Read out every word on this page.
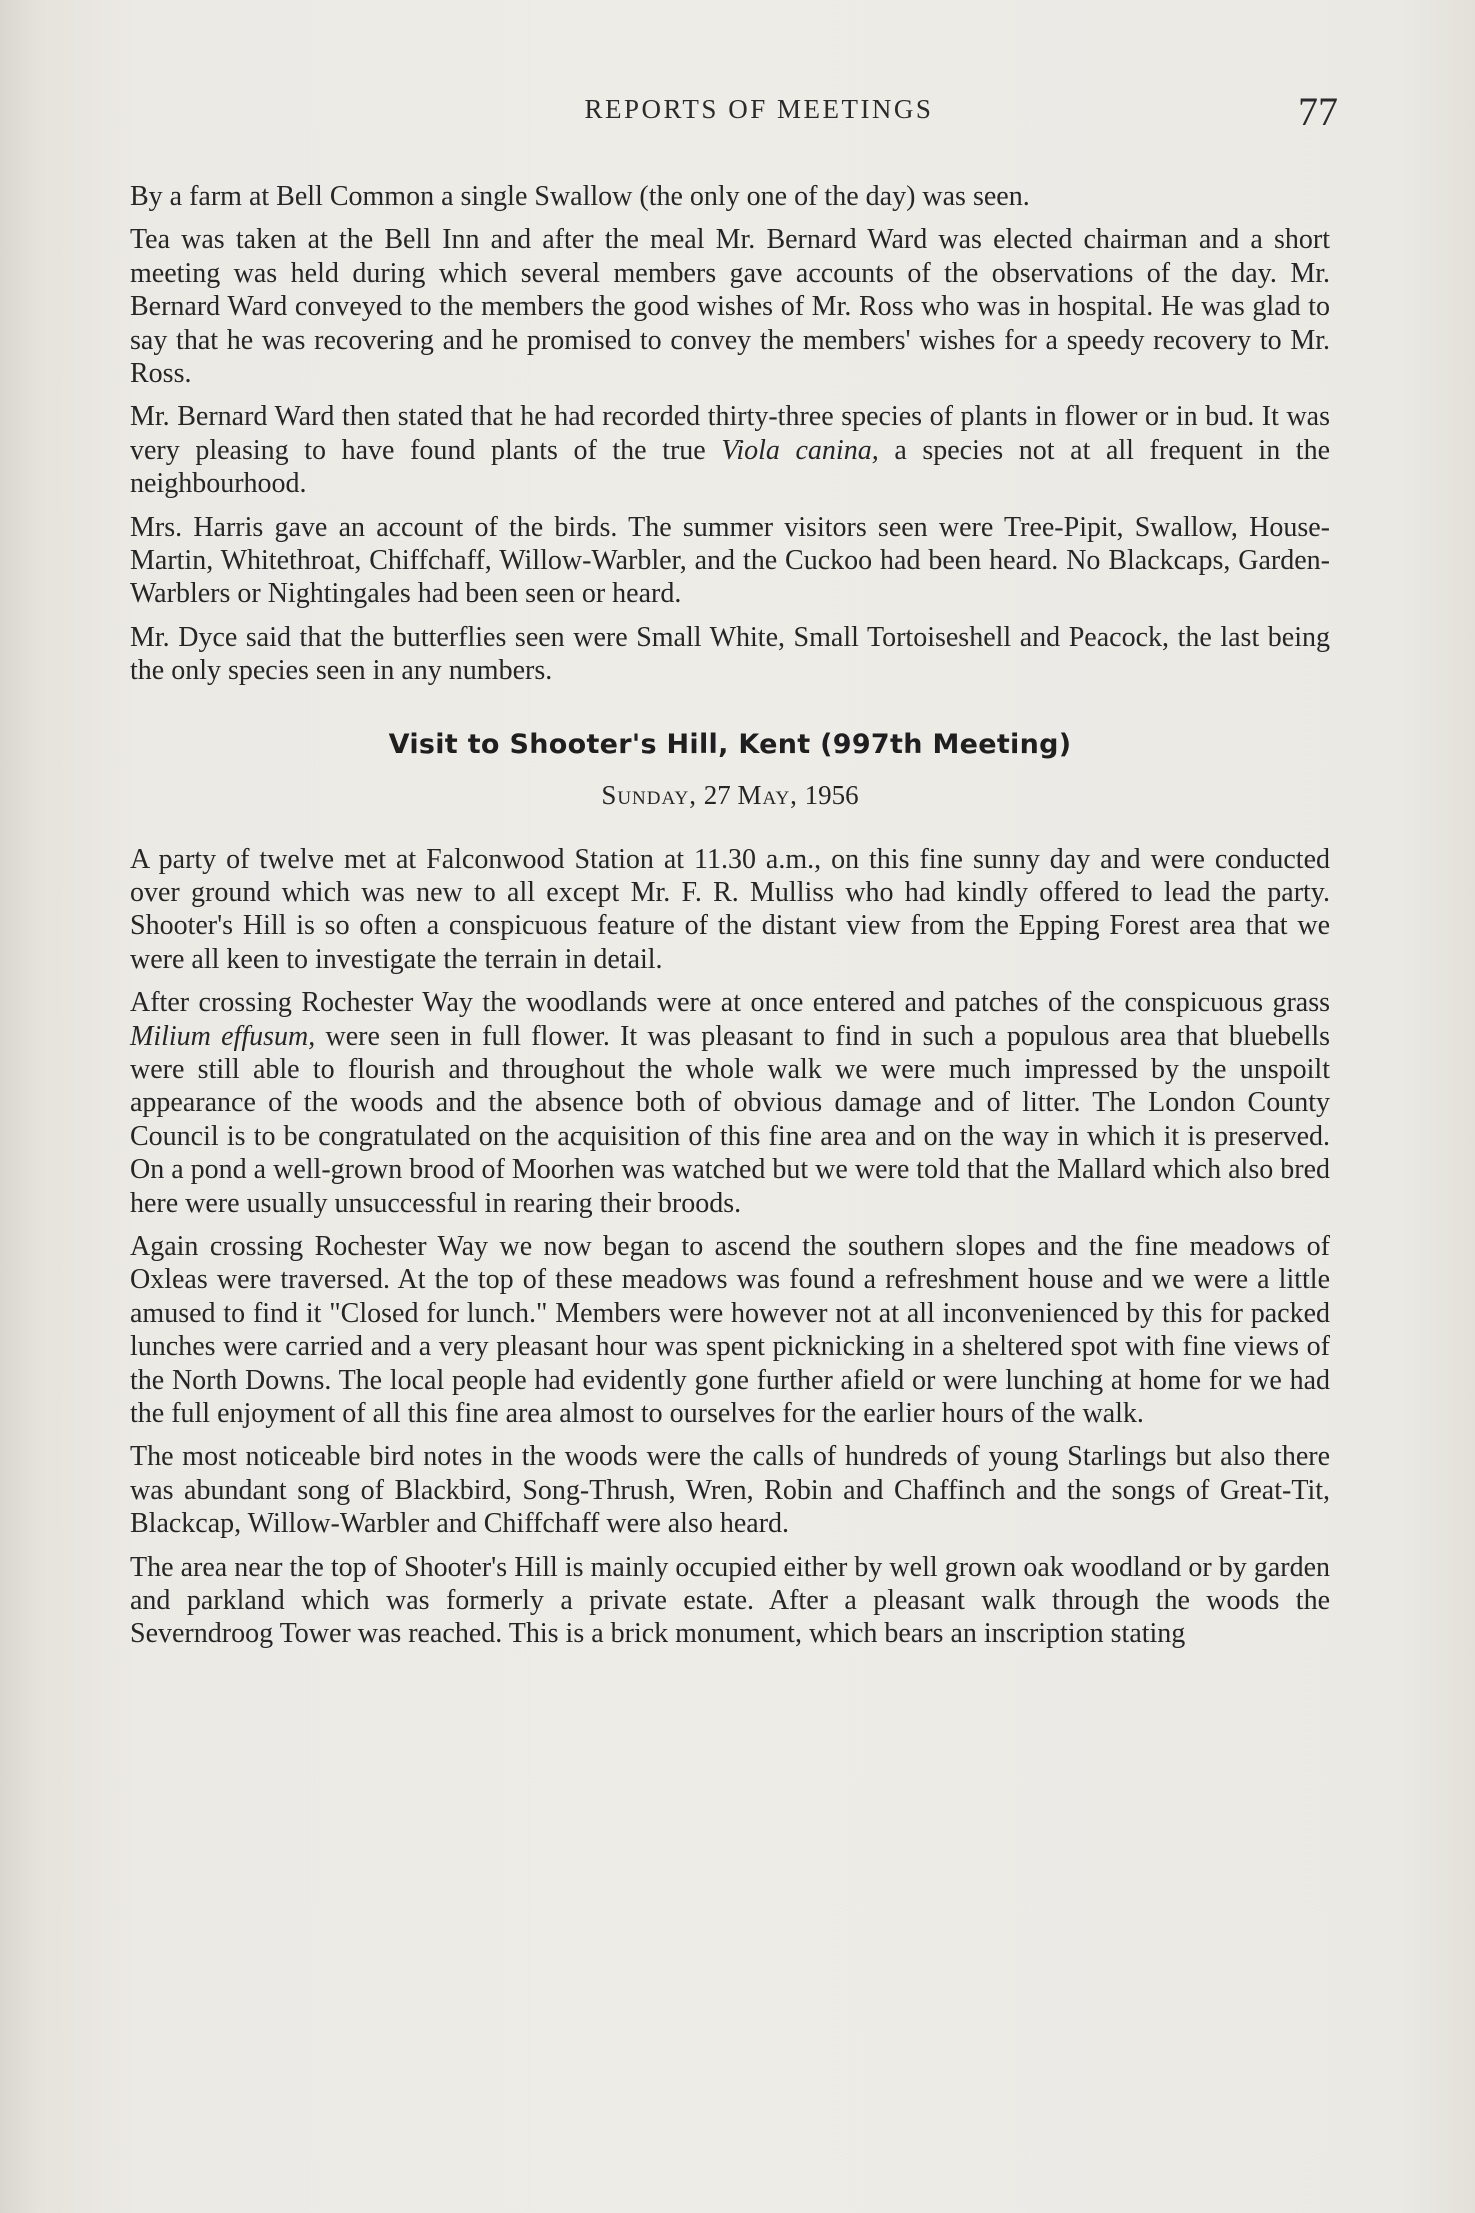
REPORTS OF MEETINGS	77

By a farm at Bell Common a single Swallow (the only one of the day) was seen.

Tea was taken at the Bell Inn and after the meal Mr. Bernard Ward was elected chairman and a short meeting was held during which several members gave accounts of the observations of the day. Mr. Bernard Ward conveyed to the members the good wishes of Mr. Ross who was in hospital. He was glad to say that he was recovering and he promised to convey the members' wishes for a speedy recovery to Mr. Ross.

Mr. Bernard Ward then stated that he had recorded thirty-three species of plants in flower or in bud. It was very pleasing to have found plants of the true Viola canina, a species not at all frequent in the neighbourhood.

Mrs. Harris gave an account of the birds. The summer visitors seen were Tree-Pipit, Swallow, House-Martin, Whitethroat, Chiffchaff, Willow-Warbler, and the Cuckoo had been heard. No Blackcaps, Garden-Warblers or Nightingales had been seen or heard.

Mr. Dyce said that the butterflies seen were Small White, Small Tortoiseshell and Peacock, the last being the only species seen in any numbers.

Visit to Shooter's Hill, Kent (997th Meeting)
Sunday, 27 May, 1956

A party of twelve met at Falconwood Station at 11.30 a.m., on this fine sunny day and were conducted over ground which was new to all except Mr. F. R. Mulliss who had kindly offered to lead the party. Shooter's Hill is so often a conspicuous feature of the distant view from the Epping Forest area that we were all keen to investigate the terrain in detail.

After crossing Rochester Way the woodlands were at once entered and patches of the conspicuous grass Milium effusum, were seen in full flower. It was pleasant to find in such a populous area that bluebells were still able to flourish and throughout the whole walk we were much impressed by the unspoilt appearance of the woods and the absence both of obvious damage and of litter. The London County Council is to be congratulated on the acquisition of this fine area and on the way in which it is preserved. On a pond a well-grown brood of Moorhen was watched but we were told that the Mallard which also bred here were usually unsuccessful in rearing their broods.

Again crossing Rochester Way we now began to ascend the southern slopes and the fine meadows of Oxleas were traversed. At the top of these meadows was found a refreshment house and we were a little amused to find it "Closed for lunch." Members were however not at all inconvenienced by this for packed lunches were carried and a very pleasant hour was spent picknicking in a sheltered spot with fine views of the North Downs. The local people had evidently gone further afield or were lunching at home for we had the full enjoyment of all this fine area almost to ourselves for the earlier hours of the walk.

The most noticeable bird notes in the woods were the calls of hundreds of young Starlings but also there was abundant song of Blackbird, Song-Thrush, Wren, Robin and Chaffinch and the songs of Great-Tit, Blackcap, Willow-Warbler and Chiffchaff were also heard.

The area near the top of Shooter's Hill is mainly occupied either by well grown oak woodland or by garden and parkland which was formerly a private estate. After a pleasant walk through the woods the Severndroog Tower was reached. This is a brick monument, which bears an inscription stating
